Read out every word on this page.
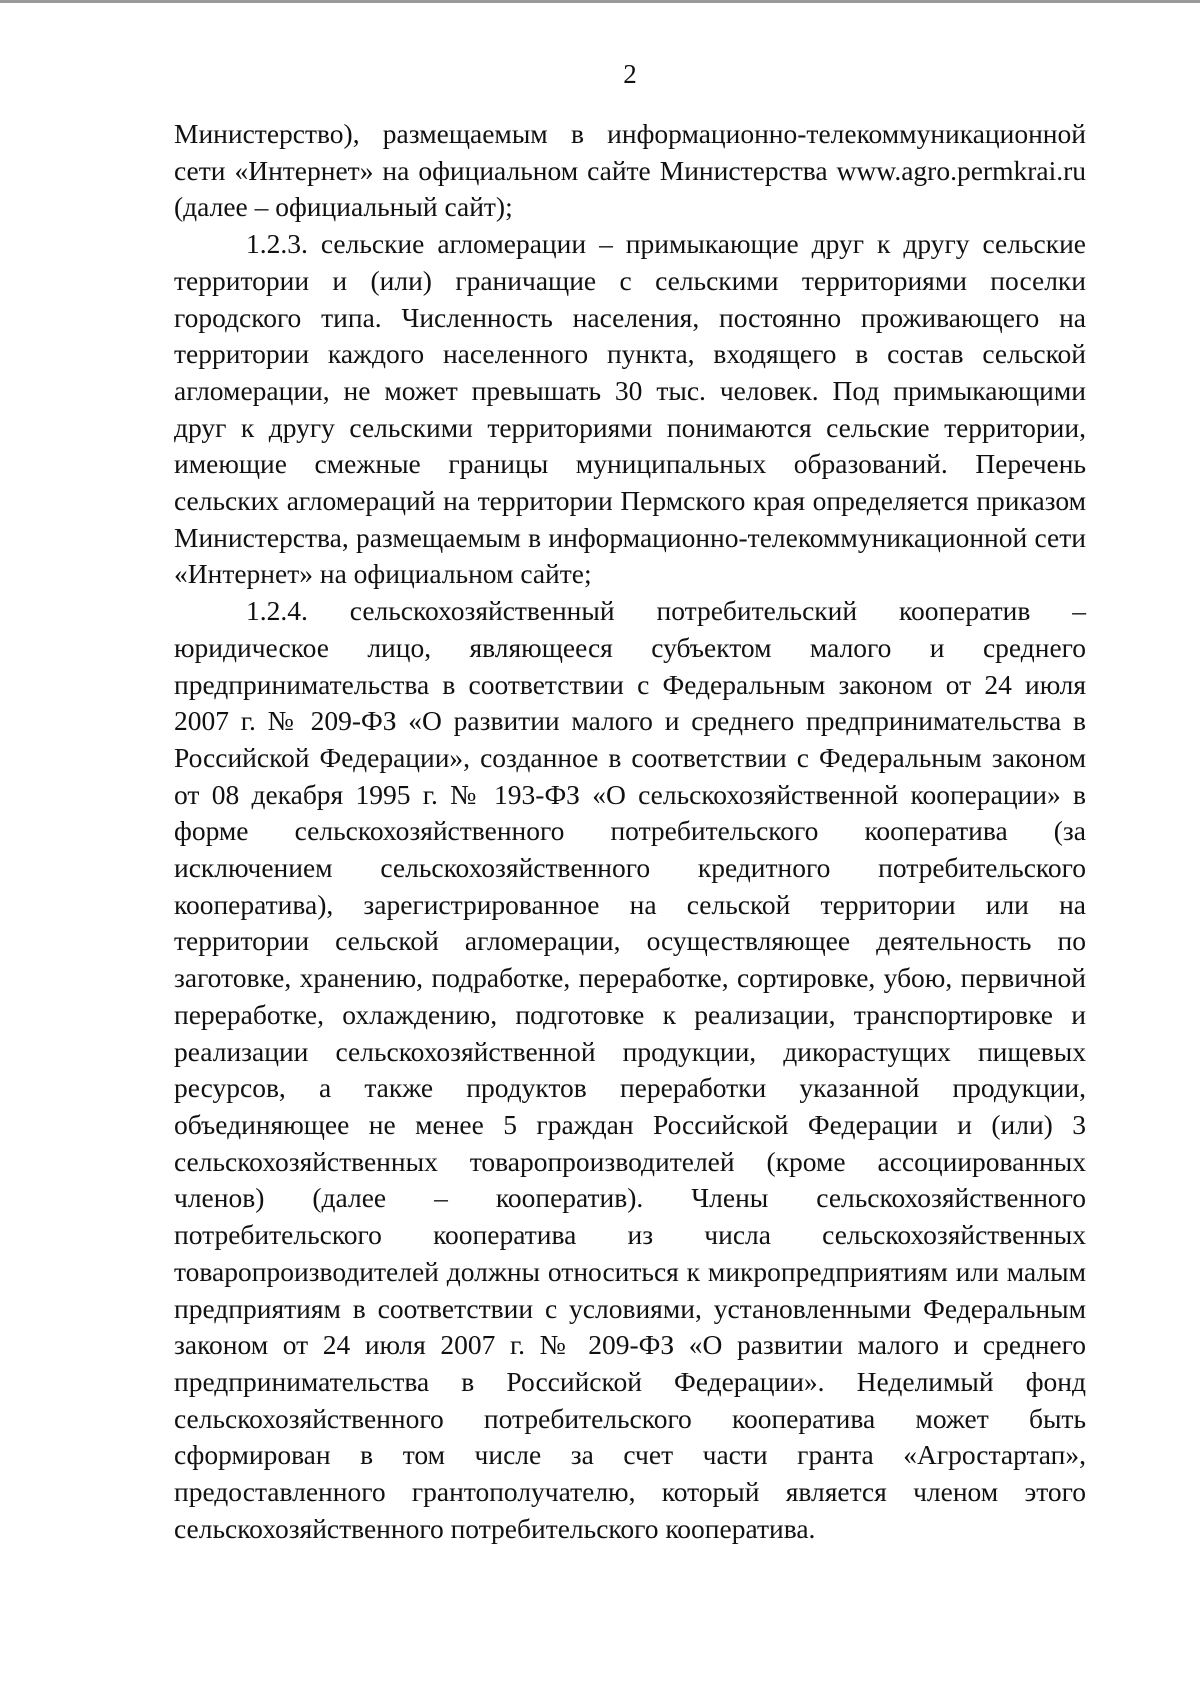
2

Министерство), размещаемым в информационно-телекоммуникационной сети «Интернет» на официальном сайте Министерства www.agro.permkrai.ru (далее – официальный сайт);

1.2.3. сельские агломерации – примыкающие друг к другу сельские территории и (или) граничащие с сельскими территориями поселки городского типа. Численность населения, постоянно проживающего на территории каждого населенного пункта, входящего в состав сельской агломерации, не может превышать 30 тыс. человек. Под примыкающими друг к другу сельскими территориями понимаются сельские территории, имеющие смежные границы муниципальных образований. Перечень сельских агломераций на территории Пермского края определяется приказом Министерства, размещаемым в информационно-телекоммуникационной сети «Интернет» на официальном сайте;

1.2.4. сельскохозяйственный потребительский кооператив – юридическое лицо, являющееся субъектом малого и среднего предпринимательства в соответствии с Федеральным законом от 24 июля 2007 г. № 209-ФЗ «О развитии малого и среднего предпринимательства в Российской Федерации», созданное в соответствии с Федеральным законом от 08 декабря 1995 г. № 193-ФЗ «О сельскохозяйственной кооперации» в форме сельскохозяйственного потребительского кооператива (за исключением сельскохозяйственного кредитного потребительского кооператива), зарегистрированное на сельской территории или на территории сельской агломерации, осуществляющее деятельность по заготовке, хранению, подработке, переработке, сортировке, убою, первичной переработке, охлаждению, подготовке к реализации, транспортировке и реализации сельскохозяйственной продукции, дикорастущих пищевых ресурсов, а также продуктов переработки указанной продукции, объединяющее не менее 5 граждан Российской Федерации и (или) 3 сельскохозяйственных товаропроизводителей (кроме ассоциированных членов) (далее – кооператив). Члены сельскохозяйственного потребительского кооператива из числа сельскохозяйственных товаропроизводителей должны относиться к микропредприятиям или малым предприятиям в соответствии с условиями, установленными Федеральным законом от 24 июля 2007 г. № 209-ФЗ «О развитии малого и среднего предпринимательства в Российской Федерации». Неделимый фонд сельскохозяйственного потребительского кооператива может быть сформирован в том числе за счет части гранта «Агростартап», предоставленного грантополучателю, который является членом этого сельскохозяйственного потребительского кооператива.
